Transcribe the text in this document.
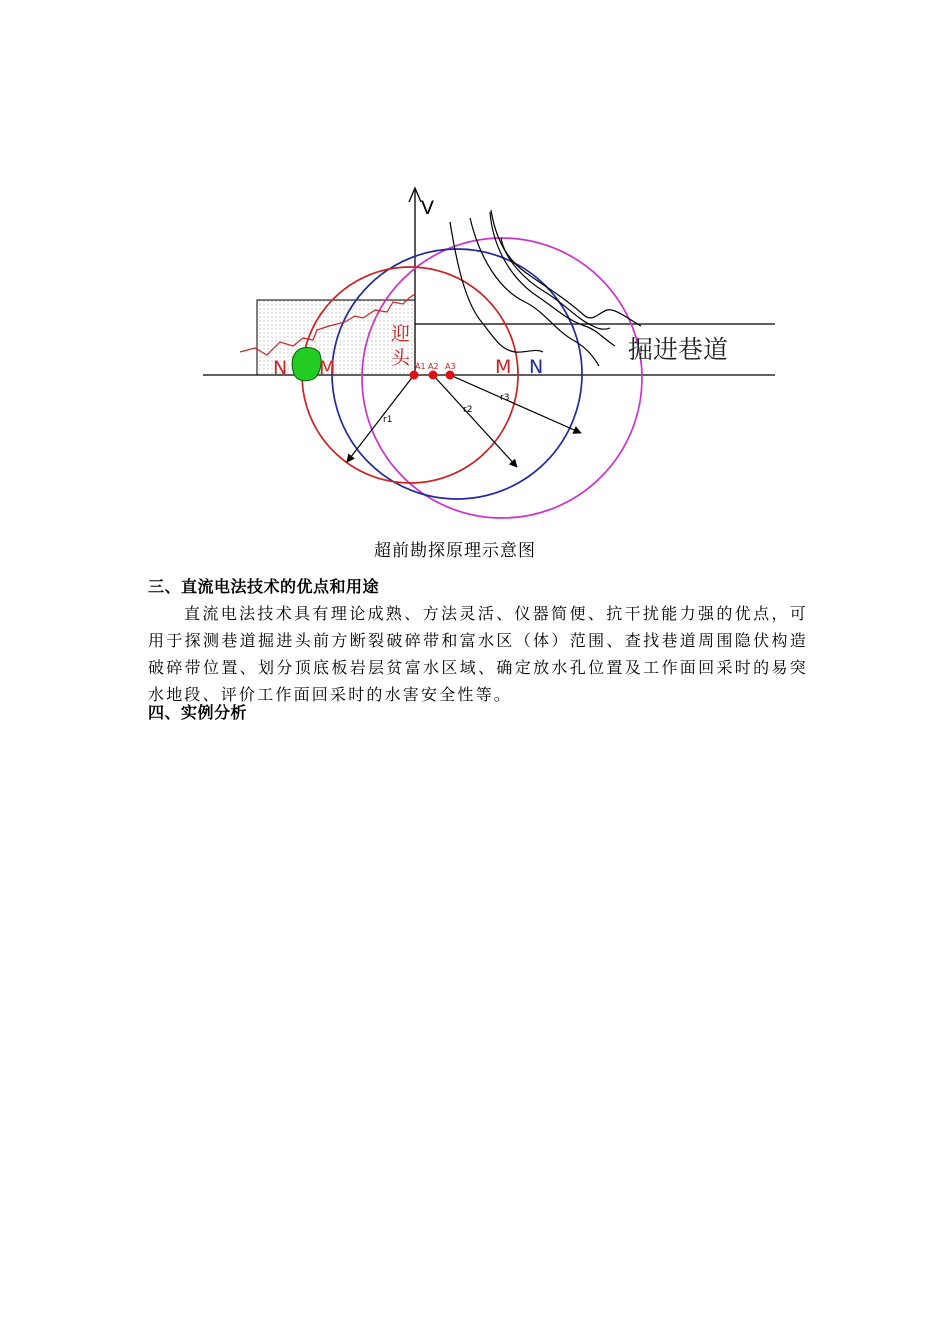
V
r1
r2
r3
A1 A2 A3
N M	M N
迎 头	掘进巷道
超前勘探原理示意图
三、直流电法技术的优点和用途
直流电法技术具有理论成熟、方法灵活、仪器简便、抗干扰能力强的优点，可用于探测巷道掘进头前方断裂破碎带和富水区（体）范围、查找巷道周围隐伏构造破碎带位置、划分顶底板岩层贫富水区域、确定放水孔位置及工作面回采时的易突水地段、评价工作面回采时的水害安全性等。
四、实例分析
